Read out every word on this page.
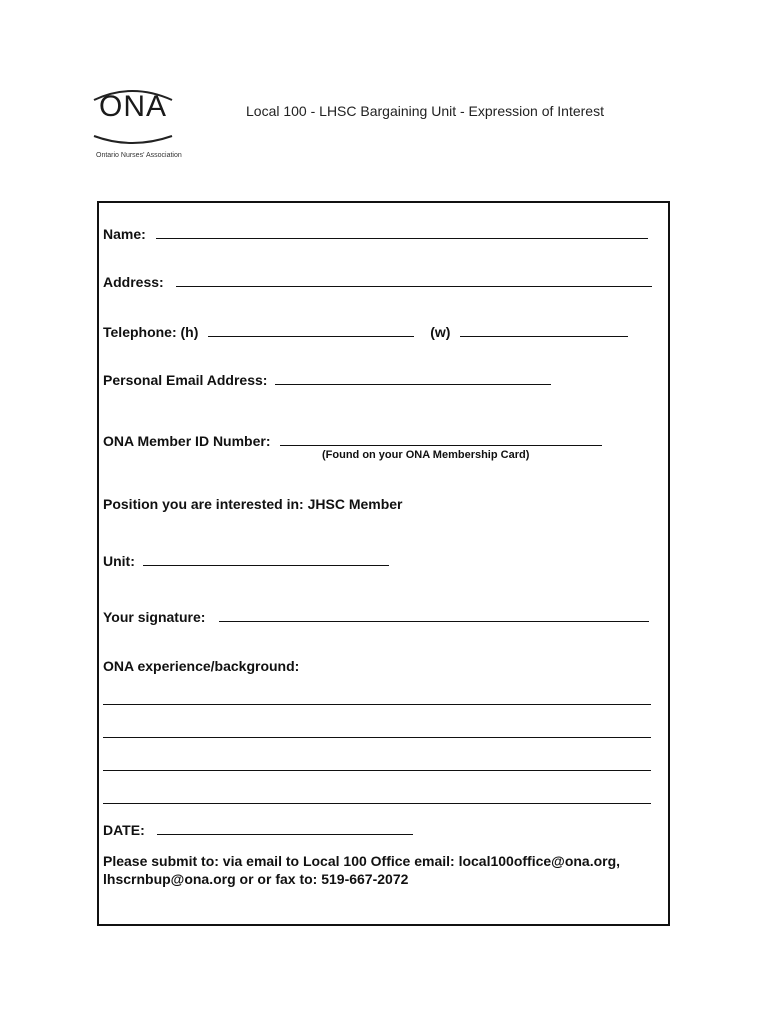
ONA
Ontario Nurses' Association
Local 100 - LHSC Bargaining Unit - Expression of Interest
Name:
Address:
Telephone: (h)	(w)
Personal Email Address:
ONA Member ID Number:
(Found on your ONA Membership Card)
Position you are interested in: JHSC Member
Unit:
Your signature:
ONA experience/background:
DATE:
Please submit to: via email to Local 100 Office email: local100office@ona.org,
lhscrnbup@ona.org or or fax to: 519-667-2072
